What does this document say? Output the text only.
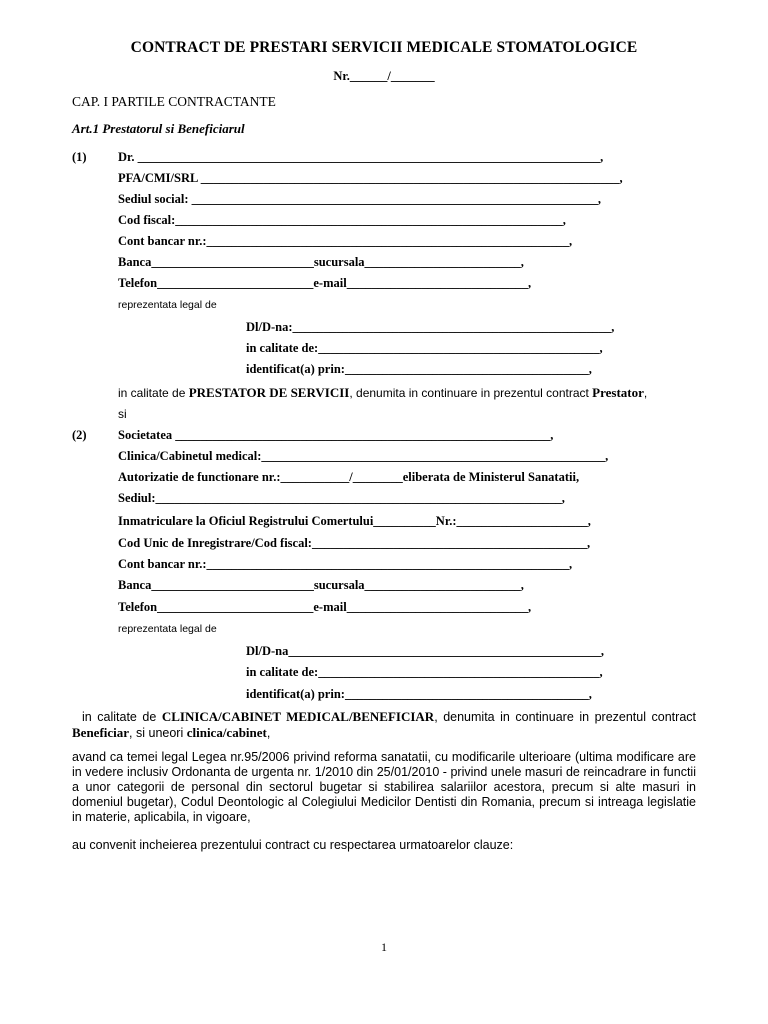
CONTRACT DE PRESTARI SERVICII MEDICALE STOMATOLOGICE
Nr.______/_______
CAP. I PARTILE CONTRACTANTE
Art.1 Prestatorul si Beneficiarul
(1)	Dr. __________________________________________________________________________,
PFA/CMI/SRL ___________________________________________________________________,
Sediul social: _________________________________________________________________,
Cod fiscal:______________________________________________________________,
Cont bancar nr.:__________________________________________________________,
Banca__________________________sucursala_________________________,
Telefon_________________________e-mail_____________________________,
reprezentata legal de
Dl/D-na:___________________________________________________,
in calitate de:_____________________________________________,
identificat(a) prin:_______________________________________,
in calitate de PRESTATOR DE SERVICII, denumita in continuare in prezentul contract Prestator,
si
(2)	Societatea ____________________________________________________________,
Clinica/Cabinetul medical:_______________________________________________________,
Autorizatie de functionare nr.:___________/________eliberata de Ministerul Sanatatii,
Sediul:_________________________________________________________________,
Inmatriculare la Oficiul Registrului Comertului__________Nr.:_____________________,
Cod Unic de Inregistrare/Cod fiscal:____________________________________________,
Cont bancar nr.:__________________________________________________________,
Banca__________________________sucursala_________________________,
Telefon_________________________e-mail_____________________________,
reprezentata legal de
Dl/D-na__________________________________________________,
in calitate de:_____________________________________________,
identificat(a) prin:_______________________________________,
in calitate de CLINICA/CABINET MEDICAL/BENEFICIAR, denumita in continuare in prezentul contract Beneficiar, si uneori clinica/cabinet,
avand ca temei legal Legea nr.95/2006 privind reforma sanatatii, cu modificarile ulterioare (ultima modificare are in vedere inclusiv Ordonanta de urgenta nr. 1/2010 din 25/01/2010 - privind unele masuri de reincadrare in functii a unor categorii de personal din sectorul bugetar si stabilirea salariilor acestora, precum si alte masuri in domeniul bugetar), Codul Deontologic al Colegiului Medicilor Dentisti din Romania, precum si intreaga legislatie in materie, aplicabila, in vigoare,
au convenit incheierea prezentului contract cu respectarea urmatoarelor clauze:
1
